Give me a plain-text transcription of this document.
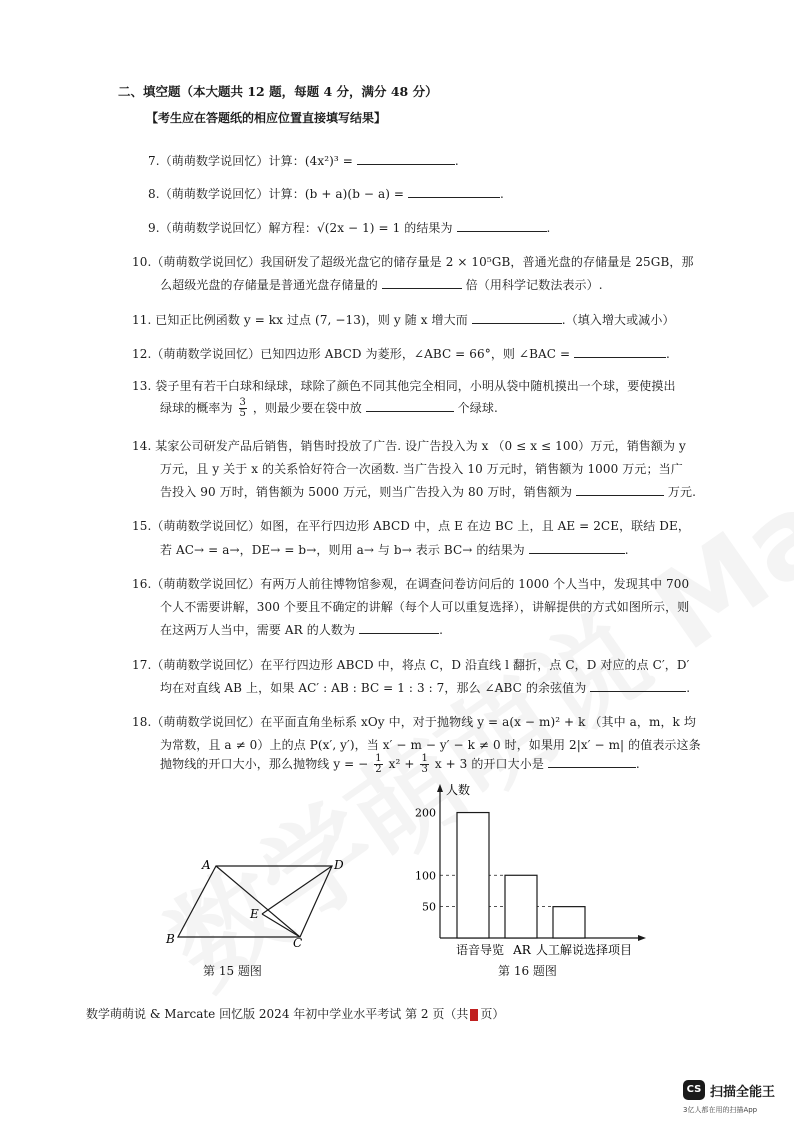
二、填空题（本大题共 12 题，每题 4 分，满分 48 分）
【考生应在答题纸的相应位置直接填写结果】
7.（萌萌数学说回忆）计算：(4x²)³ =	.
8.（萌萌数学说回忆）计算：(b + a)(b − a) =	.
9.（萌萌数学说回忆）解方程：√(2x − 1) = 1 的结果为	.
10.（萌萌数学说回忆）我国研发了超级光盘它的储存量是 2 × 10⁵GB，普通光盘的存储量是 25GB，那
么超级光盘的存储量是普通光盘存储量的	倍（用科学记数法表示）.
11. 已知正比例函数 y = kx 过点 (7, −13)，则 y 随 x 增大而	.（填入增大或减小）
12.（萌萌数学说回忆）已知四边形 ABCD 为菱形，∠ABC = 66°，则 ∠BAC =	.
13. 袋子里有若干白球和绿球，球除了颜色不同其他完全相同，小明从袋中随机摸出一个球，要使摸出
绿球的概率为 $\frac{3}{5}$ ，则最少要在袋中放	个绿球.
14. 某家公司研发产品后销售，销售时投放了广告. 设广告投入为 x （0 ≤ x ≤ 100）万元，销售额为 y
万元，且 y 关于 x 的关系恰好符合一次函数. 当广告投入 10 万元时，销售额为 1000 万元；当广
告投入 90 万时，销售额为 5000 万元，则当广告投入为 80 万时，销售额为	万元.
15.（萌萌数学说回忆）如图，在平行四边形 ABCD 中，点 E 在边 BC 上，且 AE = 2CE，联结 DE，
若 AC→ = a→，DE→ = b→，则用 a→ 与 b→ 表示 BC→ 的结果为	.
16.（萌萌数学说回忆）有两万人前往博物馆参观，在调查问卷访问后的 1000 个人当中，发现其中 700
个人不需要讲解，300 个要且不确定的讲解（每个人可以重复选择），讲解提供的方式如图所示，则
在这两万人当中，需要 AR 的人数为	.
17.（萌萌数学说回忆）在平行四边形 ABCD 中，将点 C，D 沿直线 l 翻折，点 C，D 对应的点 C′，D′
均在对直线 AB 上，如果 AC′ : AB : BC = 1 : 3 : 7，那么 ∠ABC 的余弦值为	.
18.（萌萌数学说回忆）在平面直角坐标系 xOy 中，对于抛物线 y = a(x − m)² + k （其中 a，m，k 均
为常数，且 a ≠ 0）上的点 P(x′, y′)，当 x′ − m − y′ − k ≠ 0 时，如果用 2|x′ − m| 的值表示这条
抛物线的开口大小，那么抛物线 y = − $\frac{1}{2} x^2 + \frac{1}{3}$ x + 3 的开口大小是	.
A	D
B	C
E
第 15 题图
人数
50
100
200
语音导览 AR 人工解说 选择项目
第 16 题图
数学萌萌说 & Marcate 回忆版 2024 年初中学业水平考试 第 2 页（共 页）
CS 扫描全能王
3亿人都在用的扫描App
